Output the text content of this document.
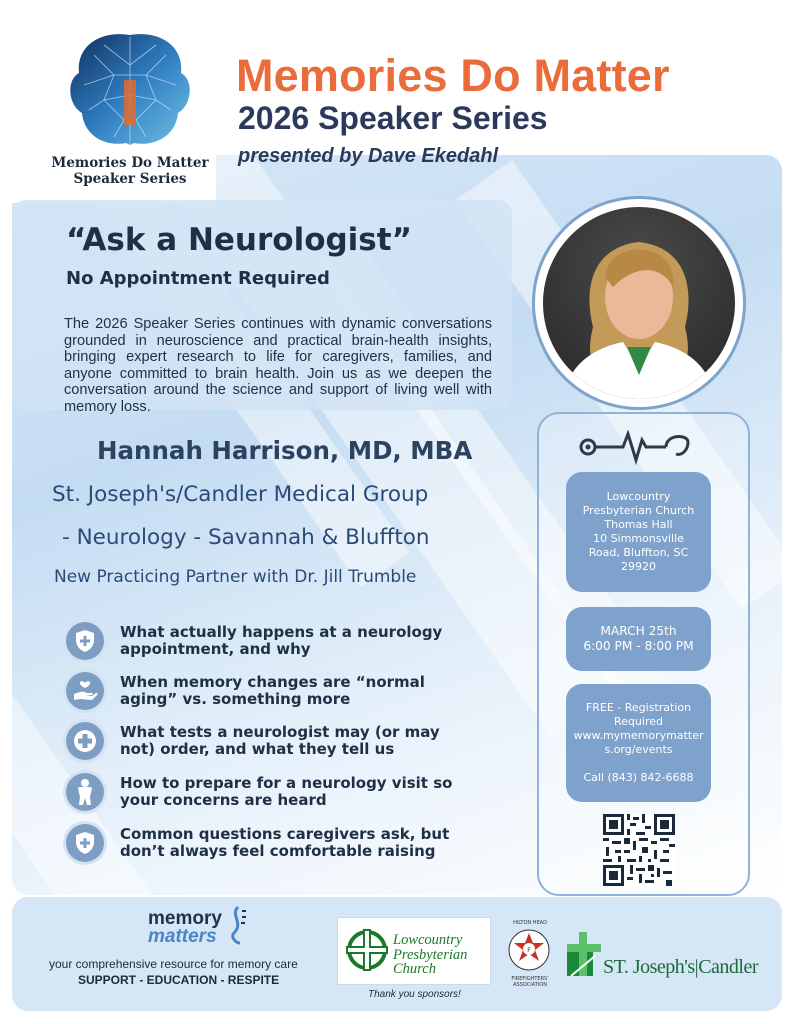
Memories Do Matter
Speaker Series
Memories Do Matter
2026 Speaker Series
presented by Dave Ekedahl
“Ask a Neurologist”
No Appointment Required
The 2026 Speaker Series continues with dynamic conversations grounded in neuroscience and practical brain-health insights, bringing expert research to life for caregivers, families, and anyone committed to brain health. Join us as we deepen the conversation around the science and support of living well with memory loss.
Hannah Harrison, MD, MBA
St. Joseph's/Candler Medical Group
- Neurology - Savannah & Bluffton
New Practicing Partner with Dr. Jill Trumble
What actually happens at a neurology
appointment, and why
When memory changes are “normal
aging” vs. something more
What tests a neurologist may (or may
not) order, and what they tell us
How to prepare for a neurology visit so
your concerns are heard
Common questions caregivers ask, but
don’t always feel comfortable raising
Lowcountry
Presbyterian Church
Thomas Hall
10 Simmonsville
Road, Bluffton, SC
29920
MARCH 25th
6:00 PM - 8:00 PM
FREE - Registration
Required
www.mymemorymatter
s.org/events
Call (843) 842-6688
memory
matters
your comprehensive resource for memory care
SUPPORT - EDUCATION - RESPITE
Lowcountry
Presbyterian
Church
Thank you sponsors!
F
HILTON HEAD
FIREFIGHTERS'
ASSOCIATION
ST. Joseph's|Candler
